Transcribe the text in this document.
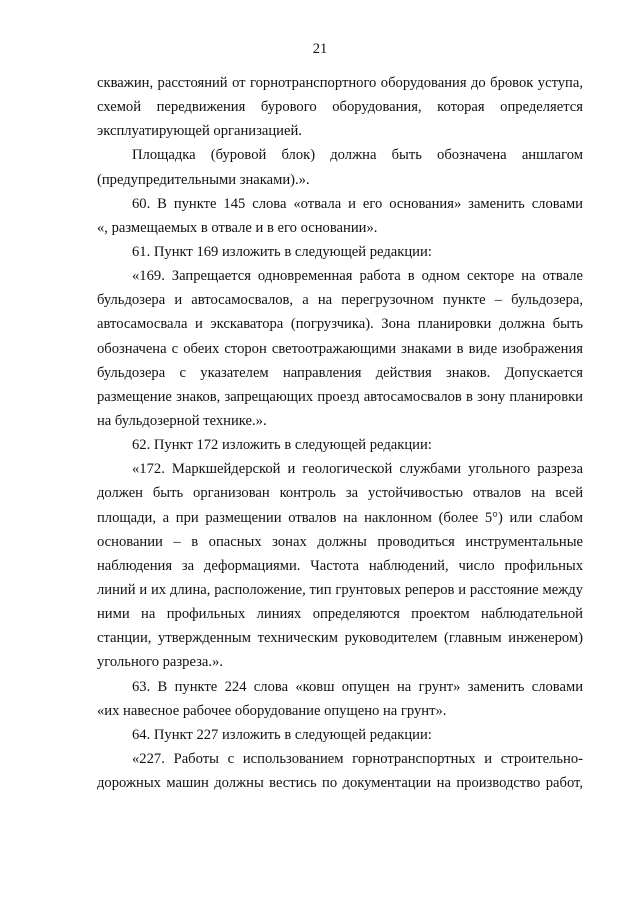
21
скважин, расстояний от горнотранспортного оборудования до бровок уступа,
схемой передвижения бурового оборудования, которая определяется
эксплуатирующей организацией.
Площадка (буровой блок) должна быть обозначена аншлагом
(предупредительными знаками).».
60. В пункте 145 слова «отвала и его основания» заменить словами
«, размещаемых в отвале и в его основании».
61. Пункт 169 изложить в следующей редакции:
«169. Запрещается одновременная работа в одном секторе на отвале
бульдозера и автосамосвалов, а на перегрузочном пункте – бульдозера,
автосамосвала и экскаватора (погрузчика). Зона планировки должна быть
обозначена с обеих сторон светоотражающими знаками в виде изображения
бульдозера с указателем направления действия знаков. Допускается
размещение знаков, запрещающих проезд автосамосвалов в зону планировки
на бульдозерной технике.».
62. Пункт 172 изложить в следующей редакции:
«172. Маркшейдерской и геологической службами угольного разреза
должен быть организован контроль за устойчивостью отвалов на всей
площади, а при размещении отвалов на наклонном (более 5°) или слабом
основании – в опасных зонах должны проводиться инструментальные
наблюдения за деформациями. Частота наблюдений, число профильных
линий и их длина, расположение, тип грунтовых реперов и расстояние между
ними на профильных линиях определяются проектом наблюдательной
станции, утвержденным техническим руководителем (главным инженером)
угольного разреза.».
63. В пункте 224 слова «ковш опущен на грунт» заменить словами
«их навесное рабочее оборудование опущено на грунт».
64. Пункт 227 изложить в следующей редакции:
«227. Работы с использованием горнотранспортных и строительно-
дорожных машин должны вестись по документации на производство работ,
